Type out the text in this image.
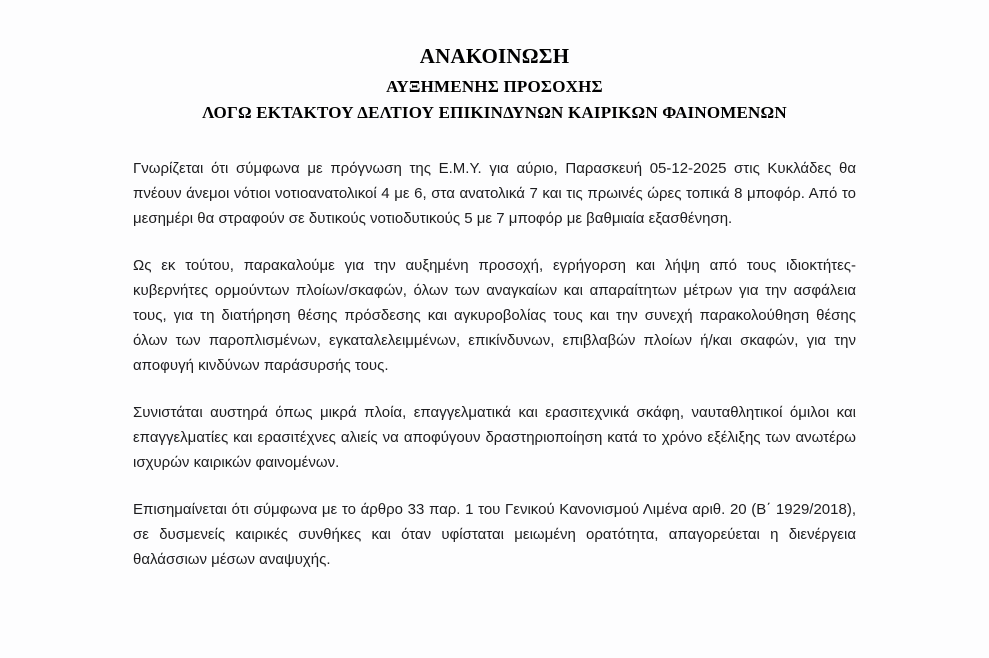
ΑΝΑΚΟΙΝΩΣΗ
ΑΥΞΗΜΕΝΗΣ ΠΡΟΣΟΧΗΣ
ΛΟΓΩ ΕΚΤΑΚΤΟΥ ΔΕΛΤΙΟΥ ΕΠΙΚΙΝΔΥΝΩΝ ΚΑΙΡΙΚΩΝ ΦΑΙΝΟΜΕΝΩΝ

Γνωρίζεται ότι σύμφωνα με πρόγνωση της Ε.Μ.Υ. για αύριο, Παρασκευή 05-12-2025 στις Κυκλάδες θα πνέουν άνεμοι νότιοι νοτιοανατολικοί 4 με 6, στα ανατολικά 7 και τις πρωινές ώρες τοπικά 8 μποφόρ. Από το μεσημέρι θα στραφούν σε δυτικούς νοτιοδυτικούς 5 με 7 μποφόρ με βαθμιαία εξασθένηση.

Ως εκ τούτου, παρακαλούμε για την αυξημένη προσοχή, εγρήγορση και λήψη από τους ιδιοκτήτες-κυβερνήτες ορμούντων πλοίων/σκαφών, όλων των αναγκαίων και απαραίτητων μέτρων για την ασφάλεια τους, για τη διατήρηση θέσης πρόσδεσης και αγκυροβολίας τους και την συνεχή παρακολούθηση θέσης όλων των παροπλισμένων, εγκαταλελειμμένων, επικίνδυνων, επιβλαβών πλοίων ή/και σκαφών, για την αποφυγή κινδύνων παράσυρσής τους.

Συνιστάται αυστηρά όπως μικρά πλοία, επαγγελματικά και ερασιτεχνικά σκάφη, ναυταθλητικοί όμιλοι και επαγγελματίες και ερασιτέχνες αλιείς να αποφύγουν δραστηριοποίηση κατά το χρόνο εξέλιξης των ανωτέρω ισχυρών καιρικών φαινομένων.

Επισημαίνεται ότι σύμφωνα με το άρθρο 33 παρ. 1 του Γενικού Κανονισμού Λιμένα αριθ. 20 (Β΄ 1929/2018), σε δυσμενείς καιρικές συνθήκες και όταν υφίσταται μειωμένη ορατότητα, απαγορεύεται η διενέργεια θαλάσσιων μέσων αναψυχής.
